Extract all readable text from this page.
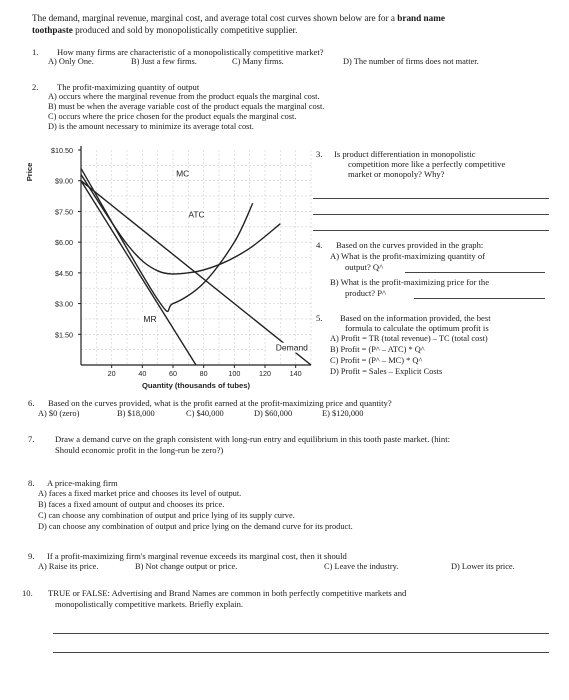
The demand, marginal revenue, marginal cost, and average total cost curves shown below are for a brand name
toothpaste produced and sold by monopolistically competitive supplier.
1. How many firms are characteristic of a monopolistically competitive market?
A) Only One.	B) Just a few firms.	C) Many firms.	D) The number of firms does not matter.
2. The profit-maximizing quantity of output
A) occurs where the marginal revenue from the product equals the marginal cost.
B) must be when the average variable cost of the product equals the marginal cost.
C) occurs where the price chosen for the product equals the marginal cost.
D) is the amount necessary to minimize its average total cost.
$10.50
$9.00
$7.50
$6.00
$4.50
$3.00
$1.50
20	40	60	80	100	120	140
Price
Quantity (thousands of tubes)
Demand
MR
MC
ATC
3. Is product differentiation in monopolistic
competition more like a perfectly competitive
market or monopoly? Why?
4. Based on the curves provided in the graph:
A) What is the profit-maximizing quantity of
output? Q^
B) What is the profit-maximizing price for the
product? P^
5. Based on the information provided, the best
formula to calculate the optimum profit is
A) Profit = TR (total revenue) – TC (total cost)
B) Profit = (P^ – ATC) * Q^
C) Profit = (P^ – MC) * Q^
D) Profit = Sales – Explicit Costs
6. Based on the curves provided, what is the profit earned at the profit-maximizing price and quantity?
A) $0 (zero)	B) $18,000	C) $40,000	D) $60,000	E) $120,000
7. Draw a demand curve on the graph consistent with long-run entry and equilibrium in this tooth paste market. (hint:
Should economic profit in the long-run be zero?)
8. A price-making firm
A) faces a fixed market price and chooses its level of output.
B) faces a fixed amount of output and chooses its price.
C) can choose any combination of output and price lying of its supply curve.
D) can choose any combination of output and price lying on the demand curve for its product.
9. If a profit-maximizing firm's marginal revenue exceeds its marginal cost, then it should
A) Raise its price.	B) Not change output or price.	C) Leave the industry.	D) Lower its price.
10. TRUE or FALSE: Advertising and Brand Names are common in both perfectly competitive markets and
monopolistically competitive markets. Briefly explain.
